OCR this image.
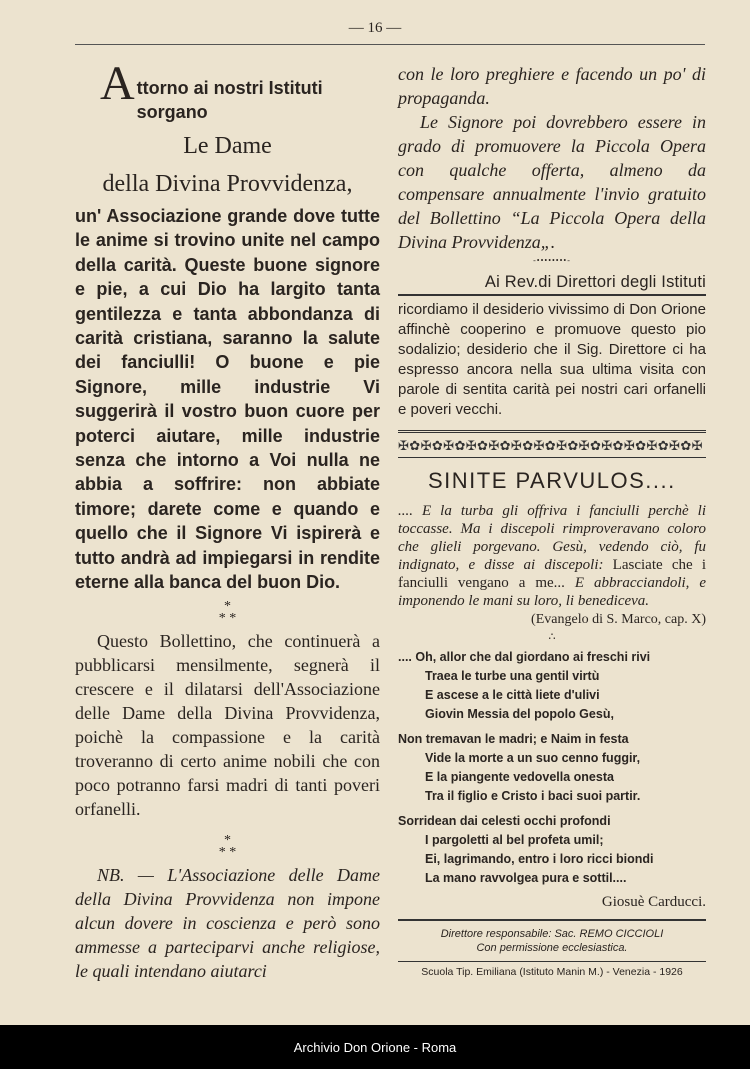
— 16 —
A ttorno ai nostri Istituti
sorgano
Le Dame
della Divina Provvidenza,

un' Associazione grande dove tutte le anime si trovino unite nel campo della carità. Queste buone signore e pie, a cui Dio ha largito tanta gentilezza e tanta abbondanza di carità cristiana, saranno la salute dei fanciulli! O buone e pie Signore, mille industrie Vi suggerirà il vostro buon cuore per poterci aiutare, mille industrie senza che intorno a Voi nulla ne abbia a soffrire: non abbiate timore; darete come e quando e quello che il Signore Vi ispirerà e tutto andrà ad impiegarsi in rendite eterne alla banca del buon Dio.

*
* *

Questo Bollettino, che continuerà a pubblicarsi mensilmente, segnerà il crescere e il dilatarsi dell'Associazione delle Dame della Divina Provvidenza, poichè la compassione e la carità troveranno di certo anime nobili che con poco potranno farsi madri di tanti poveri orfanelli.

*
* *

NB. — L'Associazione delle Dame della Divina Provvidenza non impone alcun dovere in coscienza e però sono ammesse a parteciparvi anche religiose, le quali intendano aiutarci

con le loro preghiere e facendo un po' di propaganda.

Le Signore poi dovrebbero essere in grado di promuovere la Piccola Opera con qualche offerta, almeno da compensare annualmente l'invio gratuito del Bollettino “La Piccola Opera della Divina Provvidenza„.

-••••••••-

Ai Rev.di Direttori degli Istituti

ricordiamo il desiderio vivissimo di Don Orione affinchè cooperino e promuove questo pio sodalizio; desiderio che il Sig. Direttore ci ha espresso ancora nella sua ultima visita con parole di sentita carità pei nostri cari orfanelli e poveri vecchi.

✠✿✠✿✠✿✠✿✠✿✠✿✠✿✠✿✠✿✠✿✠✿✠✿✠✿✠
SINITE PARVULOS....

.... E la turba gli offriva i fanciulli perchè li toccasse. Ma i discepoli rimproveravano coloro che glieli porgevano. Gesù, vedendo ciò, fu indignato, e disse ai discepoli: Lasciate che i fanciulli vengano a me... E abbracciandoli, e imponendo le mani su loro, li benediceva.

(Evangelo di S. Marco, cap. X)
∴
.... Oh, allor che dal giordano ai freschi rivi
Traea le turbe una gentil virtù
E ascese a le città liete d'ulivi
Giovin Messia del popolo Gesù,
Non tremavan le madri; e Naim in festa
Vide la morte a un suo cenno fuggir,
E la piangente vedovella onesta
Tra il figlio e Cristo i baci suoi partir.
Sorridean dai celesti occhi profondi
I pargoletti al bel profeta umil;
Ei, lagrimando, entro i loro ricci biondi
La mano ravvolgea pura e sottil....
Giosuè Carducci.

Direttore responsabile: Sac. REMO CICCIOLI

Con permissione ecclesiastica.

Scuola Tip. Emiliana (Istituto Manin M.) - Venezia - 1926

Archivio Don Orione - Roma
